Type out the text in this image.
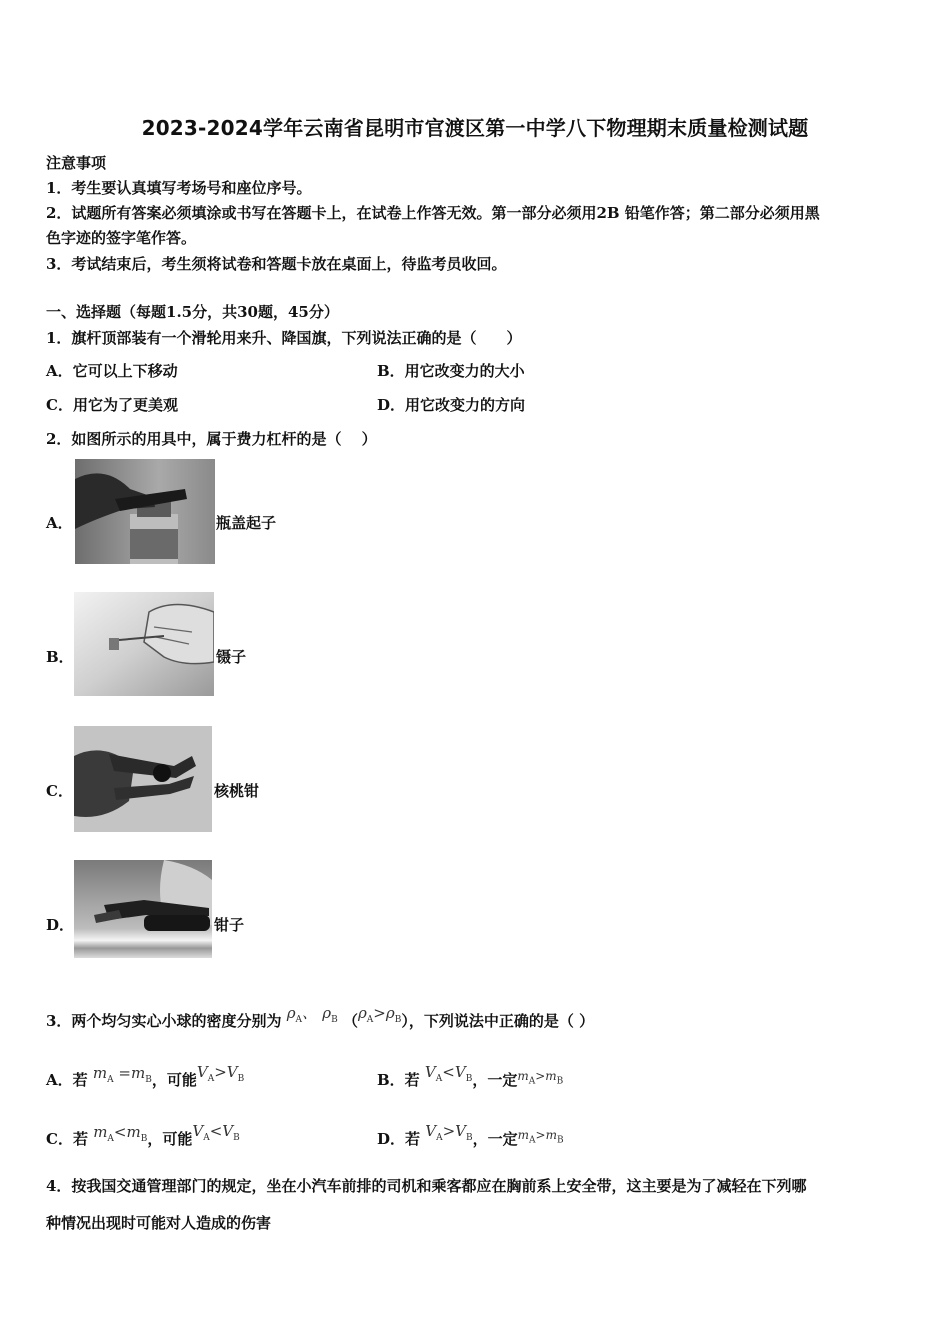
2023-2024学年云南省昆明市官渡区第一中学八下物理期末质量检测试题
注意事项
1．考生要认真填写考场号和座位序号。
2．试题所有答案必须填涂或书写在答题卡上，在试卷上作答无效。第一部分必须用2B 铅笔作答；第二部分必须用黑
色字迹的签字笔作答。
3．考试结束后，考生须将试卷和答题卡放在桌面上，待监考员收回。
一、选择题（每题1.5分，共30题，45分）
1．旗杆顶部装有一个滑轮用来升、降国旗，下列说法正确的是（　　）
A．它可以上下移动	B．用它改变力的大小
C．用它为了更美观	D．用它改变力的方向
2．如图所示的用具中，属于费力杠杆的是（　 ）
A．	瓶盖起子
B．	镊子
C．	核桃钳
D．	钳子
3．两个均匀实心小球的密度分别为 $\rho_A$、 $\rho_B$ $(\rho_A>\rho_B)$，下列说法中正确的是（ ）
A．若 $m_A =m_B$，可能$V_A>V_B$	B．若 $V_A<V_B$，一定$^{m_A>m_B}$
C．若 $m_A<m_B$，可能$V_A<V_B$	D．若 $V_A>V_B$，一定$^{m_A>m_B}$
4．按我国交通管理部门的规定，坐在小汽车前排的司机和乘客都应在胸前系上安全带，这主要是为了减轻在下列哪
种情况出现时可能对人造成的伤害
